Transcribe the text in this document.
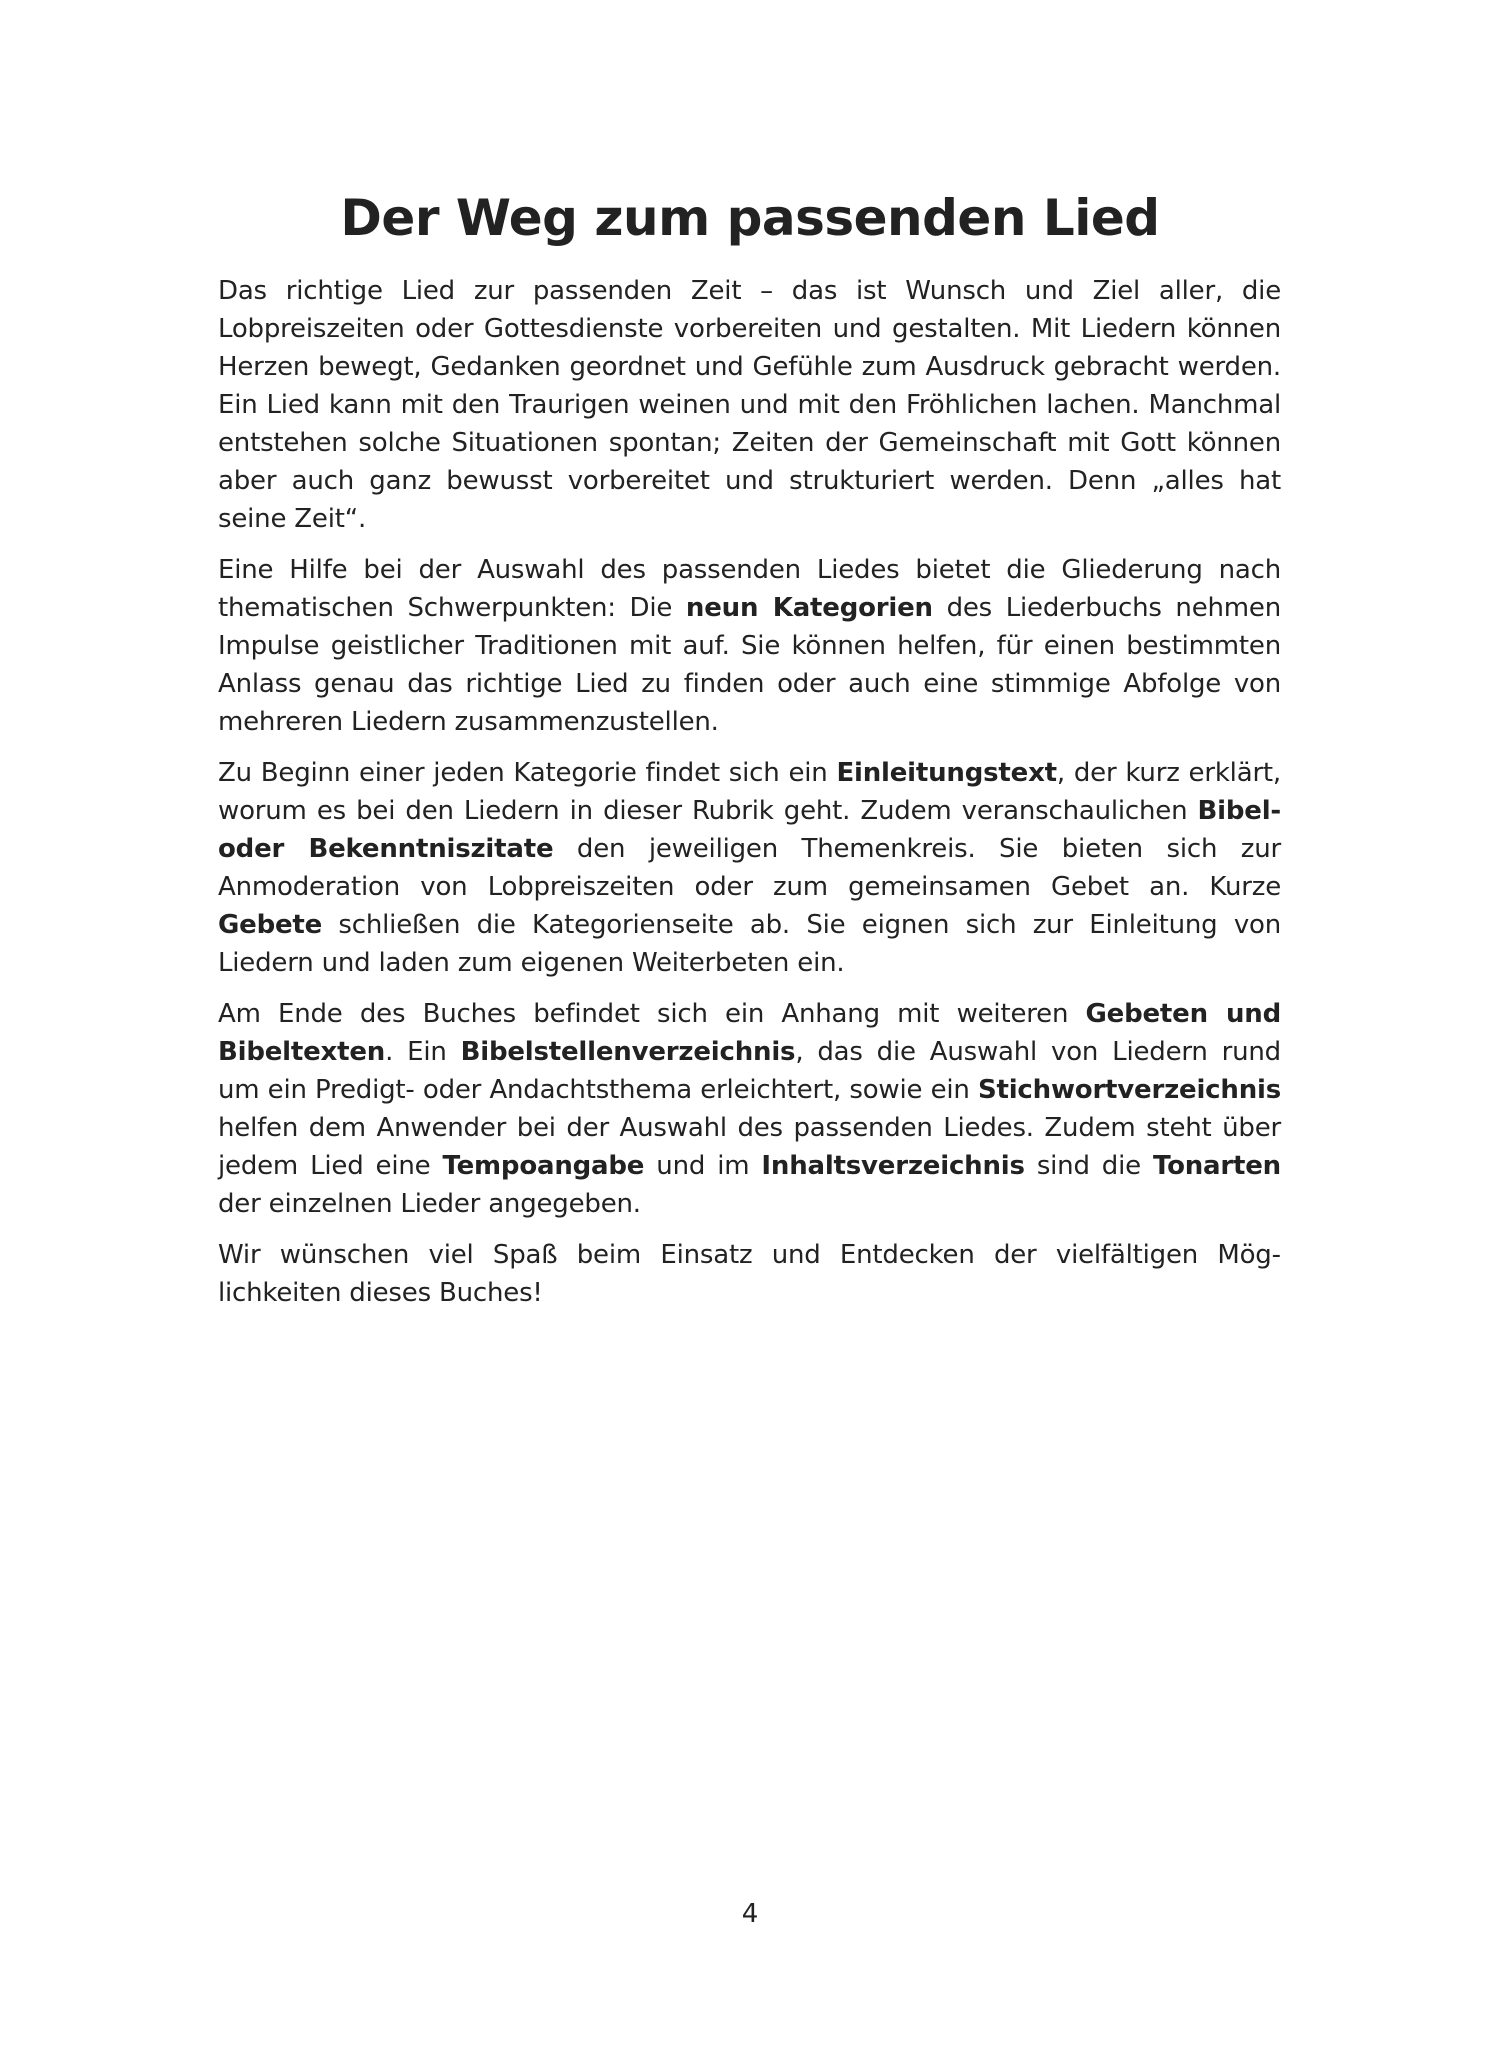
Der Weg zum passenden Lied

Das richtige Lied zur passenden Zeit – das ist Wunsch und Ziel aller, die Lobpreiszeiten oder Gottesdienste vorbereiten und gestalten. Mit Liedern können Herzen bewegt, Gedanken geordnet und Gefühle zum Ausdruck gebracht werden. Ein Lied kann mit den Traurigen weinen und mit den Fröhlichen lachen. Manchmal entstehen solche Situationen spontan; Zeiten der Gemeinschaft mit Gott können aber auch ganz bewusst vorbereitet und strukturiert werden. Denn „alles hat seine Zeit“.

Eine Hilfe bei der Auswahl des passenden Liedes bietet die Gliederung nach thematischen Schwerpunkten: Die neun Kategorien des Liederbuchs nehmen Impulse geistlicher Traditionen mit auf. Sie können helfen, für einen bestimmten Anlass genau das richtige Lied zu finden oder auch eine stimmige Abfolge von mehreren Liedern zusammenzustellen.

Zu Beginn einer jeden Kategorie findet sich ein Einleitungstext, der kurz erklärt, worum es bei den Liedern in dieser Rubrik geht. Zudem veranschaulichen Bibel- oder Bekenntniszitate den jeweiligen Themenkreis. Sie bieten sich zur Anmoderation von Lobpreiszeiten oder zum gemeinsamen Gebet an. Kurze Gebete schließen die Kategorienseite ab. Sie eignen sich zur Einleitung von Liedern und laden zum eigenen Weiterbeten ein.

Am Ende des Buches befindet sich ein Anhang mit weiteren Gebeten und Bibeltexten. Ein Bibelstellenverzeichnis, das die Auswahl von Liedern rund um ein Predigt- oder Andachtsthema erleichtert, sowie ein Stichwortverzeichnis helfen dem Anwender bei der Auswahl des passenden Liedes. Zudem steht über jedem Lied eine Tempoangabe und im Inhaltsverzeichnis sind die Tonarten der einzelnen Lieder angegeben.

Wir wünschen viel Spaß beim Einsatz und Entdecken der vielfältigen Möglichkeiten dieses Buches!

4
